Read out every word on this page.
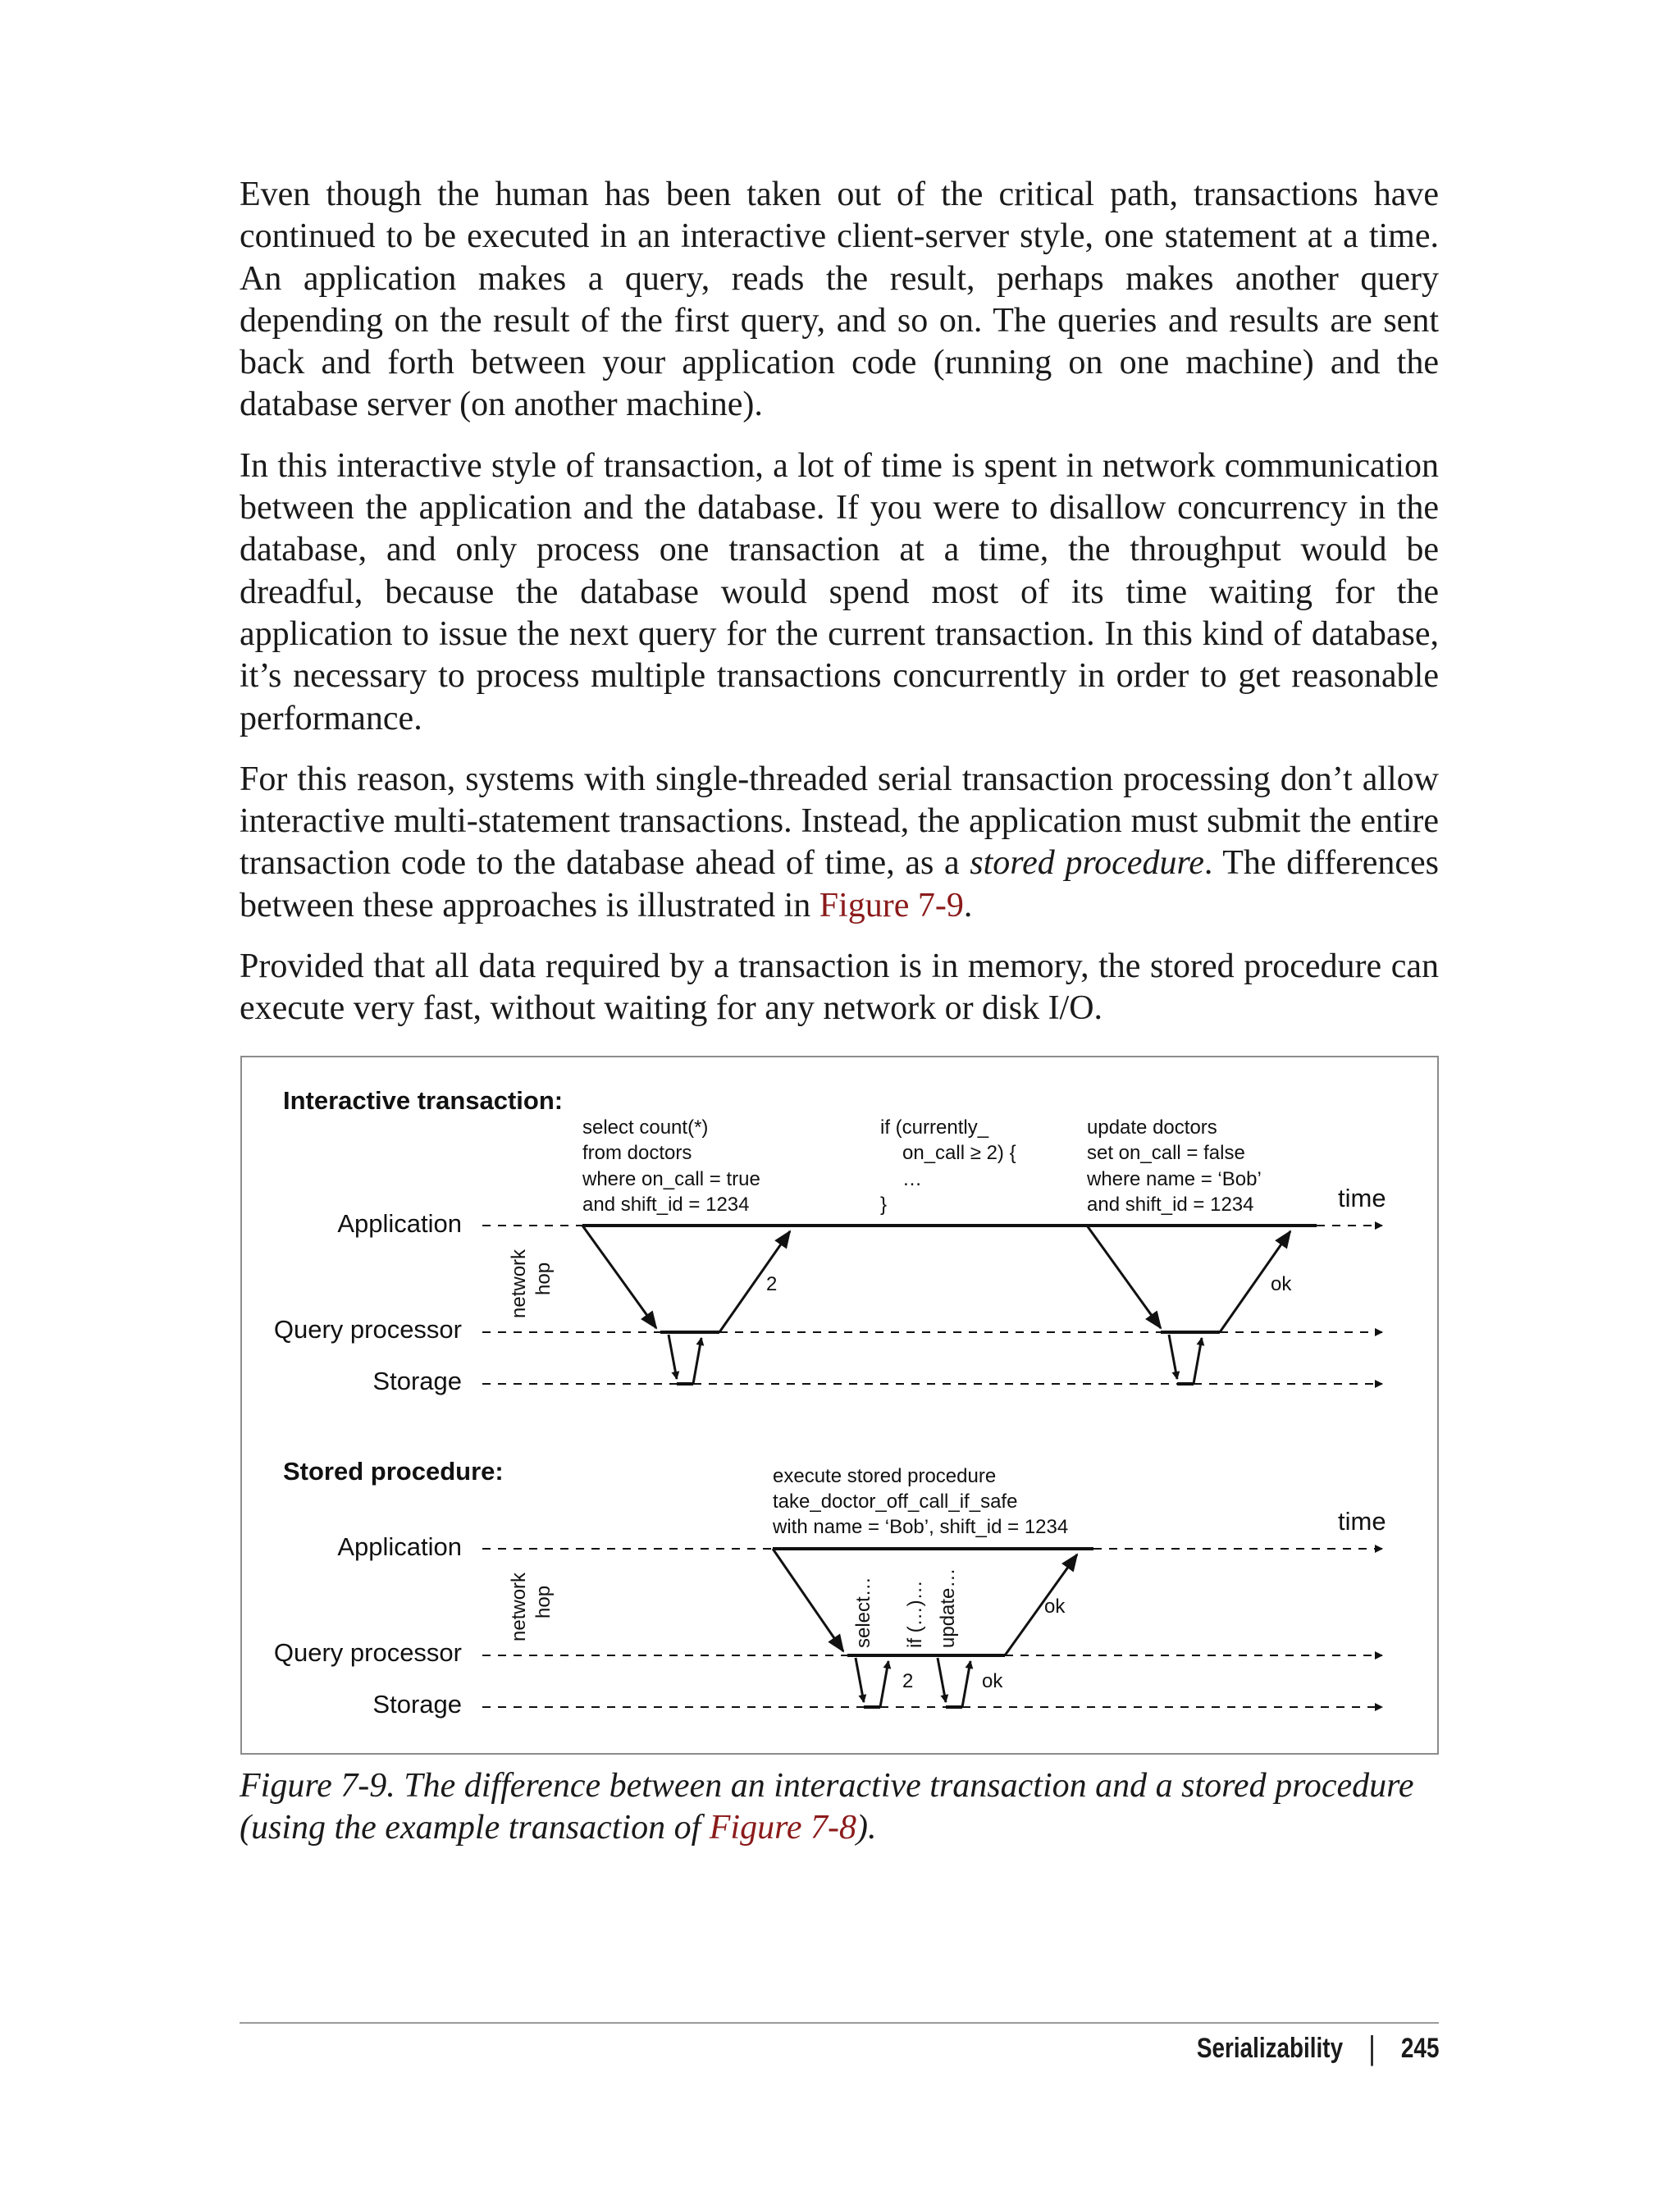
Even though the human has been taken out of the critical path, transactions have continued to be executed in an interactive client-server style, one statement at a time. An application makes a query, reads the result, perhaps makes another query depending on the result of the first query, and so on. The queries and results are sent back and forth between your application code (running on one machine) and the database server (on another machine).

In this interactive style of transaction, a lot of time is spent in network communication between the application and the database. If you were to disallow concurrency in the database, and only process one transaction at a time, the throughput would be dreadful, because the database would spend most of its time waiting for the application to issue the next query for the current transaction. In this kind of database, it’s necessary to process multiple transactions concurrently in order to get reasonable performance.

For this reason, systems with single-threaded serial transaction processing don’t allow interactive multi-statement transactions. Instead, the application must submit the entire transaction code to the database ahead of time, as a stored procedure. The differences between these approaches is illustrated in Figure 7-9.

Provided that all data required by a transaction is in memory, the stored procedure can execute very fast, without waiting for any network or disk I/O.

Interactive transaction:
select count(*)
from doctors
where on_call = true
and shift_id = 1234
if (currently_
on_call ≥ 2) {
…
}
update doctors
set on_call = false
where name = ‘Bob’
and shift_id = 1234
Application
Query processor
Storage
time
network hop	2	ok
Stored procedure:	execute stored procedure
take_doctor_off_call_if_safe
with name = ‘Bob’, shift_id = 1234
Application
Query processor
Storage
time
network hop	select… if (…)… update…
2	ok
ok
Figure 7-9. The difference between an interactive transaction and a stored procedure (using the example transaction of Figure 7-8).
Serializability | 245
